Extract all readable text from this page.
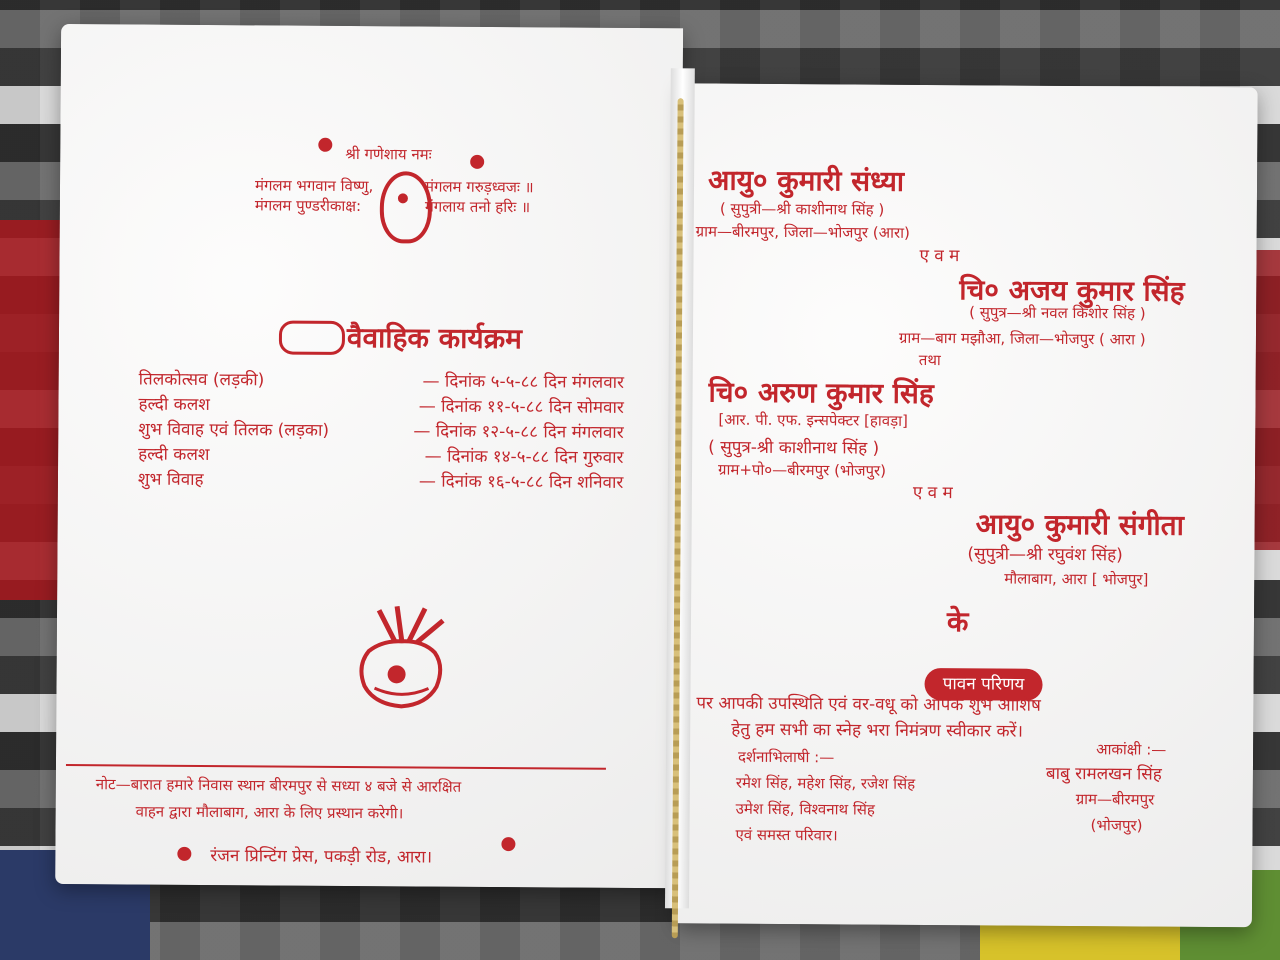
श्री गणेशाय नमः
मंगलम भगवान विष्णु,	मंगलम गरुड़ध्वजः ॥
मंगलम पुण्डरीकाक्ष:	मंगलाय तनो हरिः ॥
वैवाहिक कार्यक्रम
तिलकोत्सव (लड़की)	— दिनांक ५-५-८८ दिन मंगलवार
हल्दी कलश	— दिनांक ११-५-८८ दिन सोमवार
शुभ विवाह एवं तिलक (लड़का)	— दिनांक १२-५-८८ दिन मंगलवार
हल्दी कलश	— दिनांक १४-५-८८ दिन गुरुवार
शुभ विवाह	— दिनांक १६-५-८८ दिन शनिवार
नोट—बारात हमारे निवास स्थान बीरमपुर से सध्या ४ बजे से आरक्षित
वाहन द्वारा मौलाबाग, आरा के लिए प्रस्थान करेगी।
रंजन प्रिन्टिंग प्रेस, पकड़ी रोड, आरा।
आयु० कुमारी संध्या
( सुपुत्री—श्री काशीनाथ सिंह )
ग्राम—बीरमपुर, जिला—भोजपुर (आरा)
ए व म
चि० अजय कुमार सिंह
( सुपुत्र—श्री नवल किशोर सिंह )
ग्राम—बाग मझौआ, जिला—भोजपुर ( आरा )
तथा
चि० अरुण कुमार सिंह
[आर. पी. एफ. इन्सपेक्टर [हावड़ा]
( सुपुत्र-श्री काशीनाथ सिंह )
ग्राम+पो०—बीरमपुर (भोजपुर)
ए व म
आयु० कुमारी संगीता
(सुपुत्री—श्री रघुवंश सिंह)
मौलाबाग, आरा [ भोजपुर]
के
पावन परिणय
पर आपकी उपस्थिति एवं वर-वधू को आपके शुभ आशिष
हेतु हम सभी का स्नेह भरा निमंत्रण स्वीकार करें।
दर्शनाभिलाषी :—
रमेश सिंह, महेश सिंह, रजेश सिंह
उमेश सिंह, विश्वनाथ सिंह
एवं समस्त परिवार।
आकांक्षी :—
बाबु रामलखन सिंह
ग्राम—बीरमपुर
(भोजपुर)
